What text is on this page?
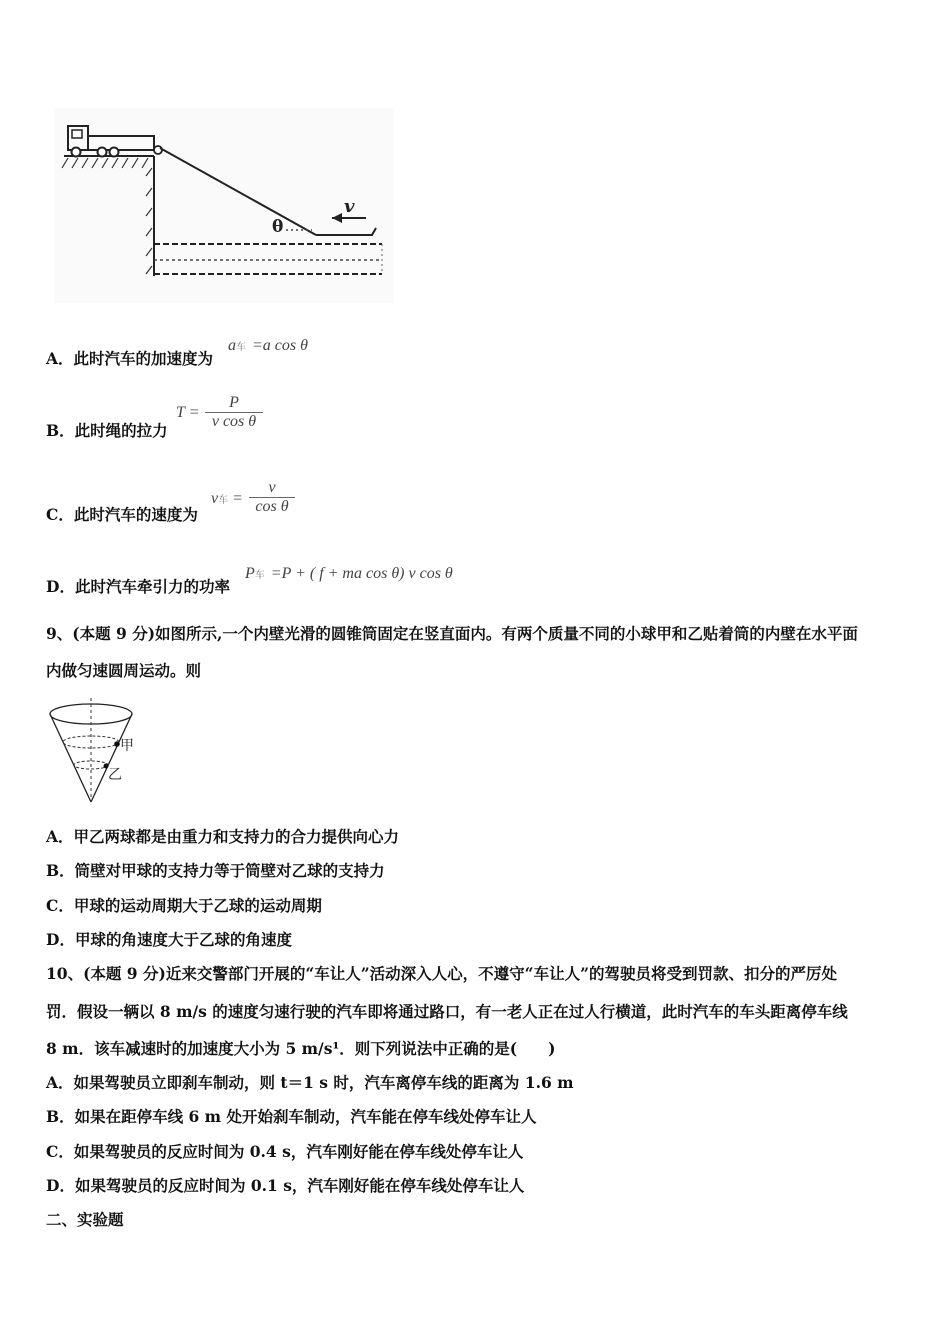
θ
v
A．此时汽车的加速度为
a车 =a cos θ
B．此时绳的拉力
$T = \frac{P}{\text{v cos θ}}$
C．此时汽车的速度为
v车 = $\frac{v}{\text{cos θ}}$
D．此时汽车牵引力的功率
P车 =P + ( f + ma cos θ) v cos θ
9、(本题 9 分)如图所示,一个内壁光滑的圆锥筒固定在竖直面内。有两个质量不同的小球甲和乙贴着筒的内壁在水平面
内做匀速圆周运动。则
甲
乙
A．甲乙两球都是由重力和支持力的合力提供向心力
B．筒壁对甲球的支持力等于筒壁对乙球的支持力
C．甲球的运动周期大于乙球的运动周期
D．甲球的角速度大于乙球的角速度
10、(本题 9 分)近来交警部门开展的“车让人”活动深入人心，不遵守“车让人”的驾驶员将受到罚款、扣分的严厉处
罚．假设一辆以 8 m/s 的速度匀速行驶的汽车即将通过路口，有一老人正在过人行横道，此时汽车的车头距离停车线
8 m．该车减速时的加速度大小为 5 m/s¹．则下列说法中正确的是(　　)
A．如果驾驶员立即刹车制动，则 t＝1 s 时，汽车离停车线的距离为 1.6 m
B．如果在距停车线 6 m 处开始刹车制动，汽车能在停车线处停车让人
C．如果驾驶员的反应时间为 0.4 s，汽车刚好能在停车线处停车让人
D．如果驾驶员的反应时间为 0.1 s，汽车刚好能在停车线处停车让人
二、实验题
